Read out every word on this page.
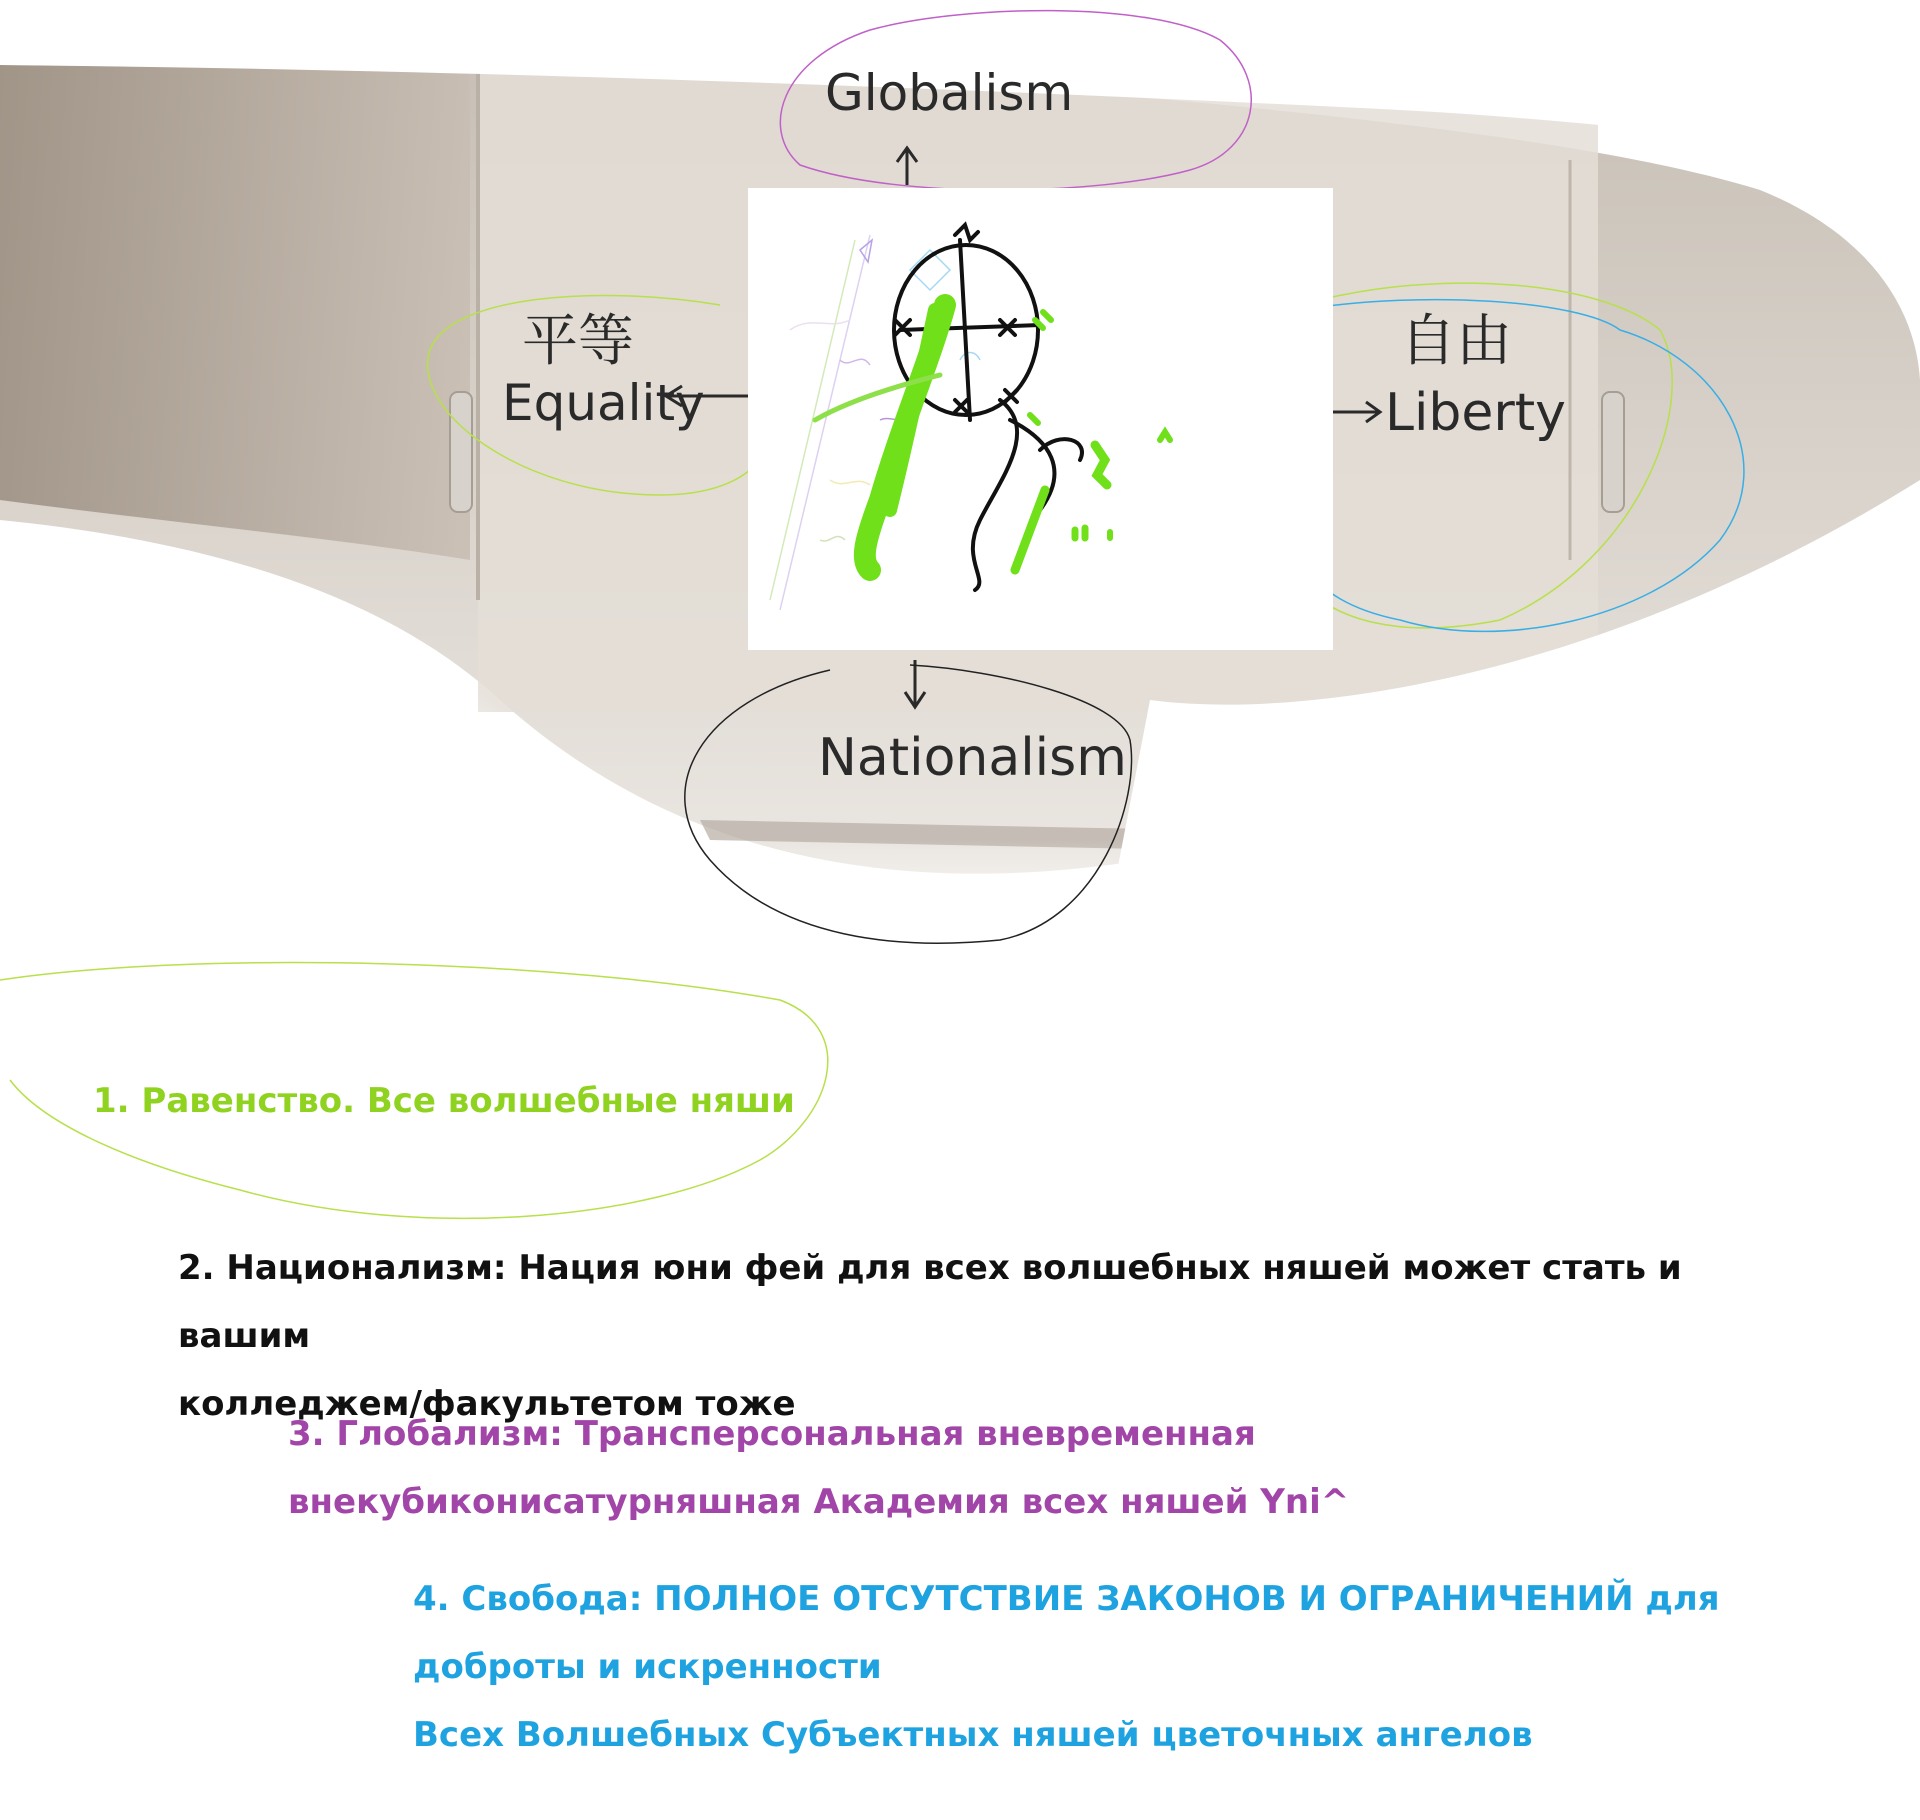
Globalism
平等
Equality
自由
Liberty
Nationalism

1. Равенство. Все волшебные няши

2. Национализм: Нация юни фей для всех волшебных няшей может стать и вашим
колледжем/факультетом тоже

3. Глобализм: Трансперсональная вневременная
внекубиконисатурняшная Академия всех няшей Yni^

4. Свобода: ПОЛНОЕ ОТСУТСТВИЕ ЗАКОНОВ И ОГРАНИЧЕНИЙ для
доброты и искренности
Всех Волшебных Субъектных няшей цветочных ангелов
